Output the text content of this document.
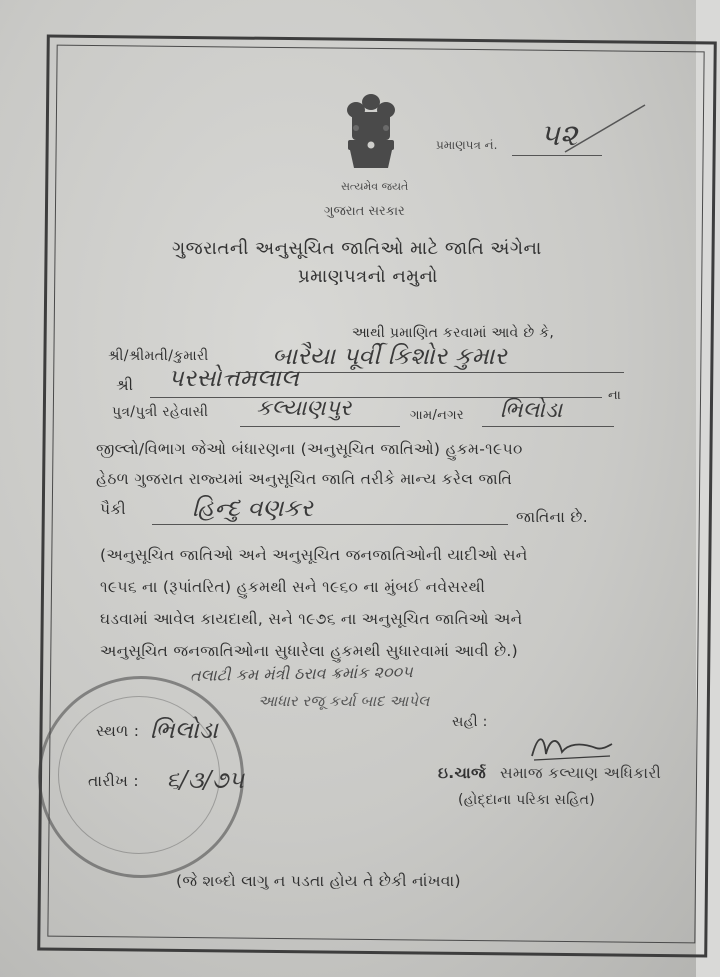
સત્યમેવ જયતે
પ્રમાણપત્ર નં. ૫૨
ગુજરાત સરકાર
ગુજરાતની અનુસૂચિત જાતિઓ માટે જાતિ અંગેના
પ્રમાણપત્રનો નમુનો
આથી પ્રમાણિત કરવામાં આવે છે કે,
શ્રી/શ્રીમતી/કુમારી	બારૈયા પૂર્વી કિશોર કુમાર
શ્રી પરસોત્તમલાલ
ના
પુત્ર/પુત્રી રહેવાસી કલ્યાણપુર	ગામ/નગર ભિલોડા
જીલ્લો/વિભાગ જેઓ બંધારણના (અનુસૂચિત જાતિઓ) હુકમ-૧૯૫૦
હેઠળ ગુજરાત રાજ્યમાં અનુસૂચિત જાતિ તરીકે માન્ય કરેલ જાતિ
પૈકી	હિન્દુ વણકર	જાતિના છે.
(અનુસૂચિત જાતિઓ અને અનુસૂચિત જનજાતિઓની યાદીઓ સને
૧૯૫૬ ના (રૂપાંતરિત) હુકમથી સને ૧૯૬૦ ના મુંબઈ નવેસરથી
ઘડવામાં આવેલ કાયદાથી, સને ૧૯૭૬ ના અનુસૂચિત જાતિઓ અને
અનુસૂચિત જનજાતિઓના સુધારેલા હુકમથી સુધારવામાં આવી છે.)
તલાટી કમ મંત્રી ઠરાવ ક્રમાંક ૨૦૦૫
આધાર રજૂ કર્યા બાદ આપેલ
સહી :
સ્થળ : ભિલોડા
તારીખ : ૬/૩/૭૫	ઇ.ચાર્જ સમાજ કલ્યાણ અધિકારી
(હોદ્દાના પરિકા સહિત)
(જે શબ્દો લાગુ ન પડતા હોય તે છેકી નાંખવા)
